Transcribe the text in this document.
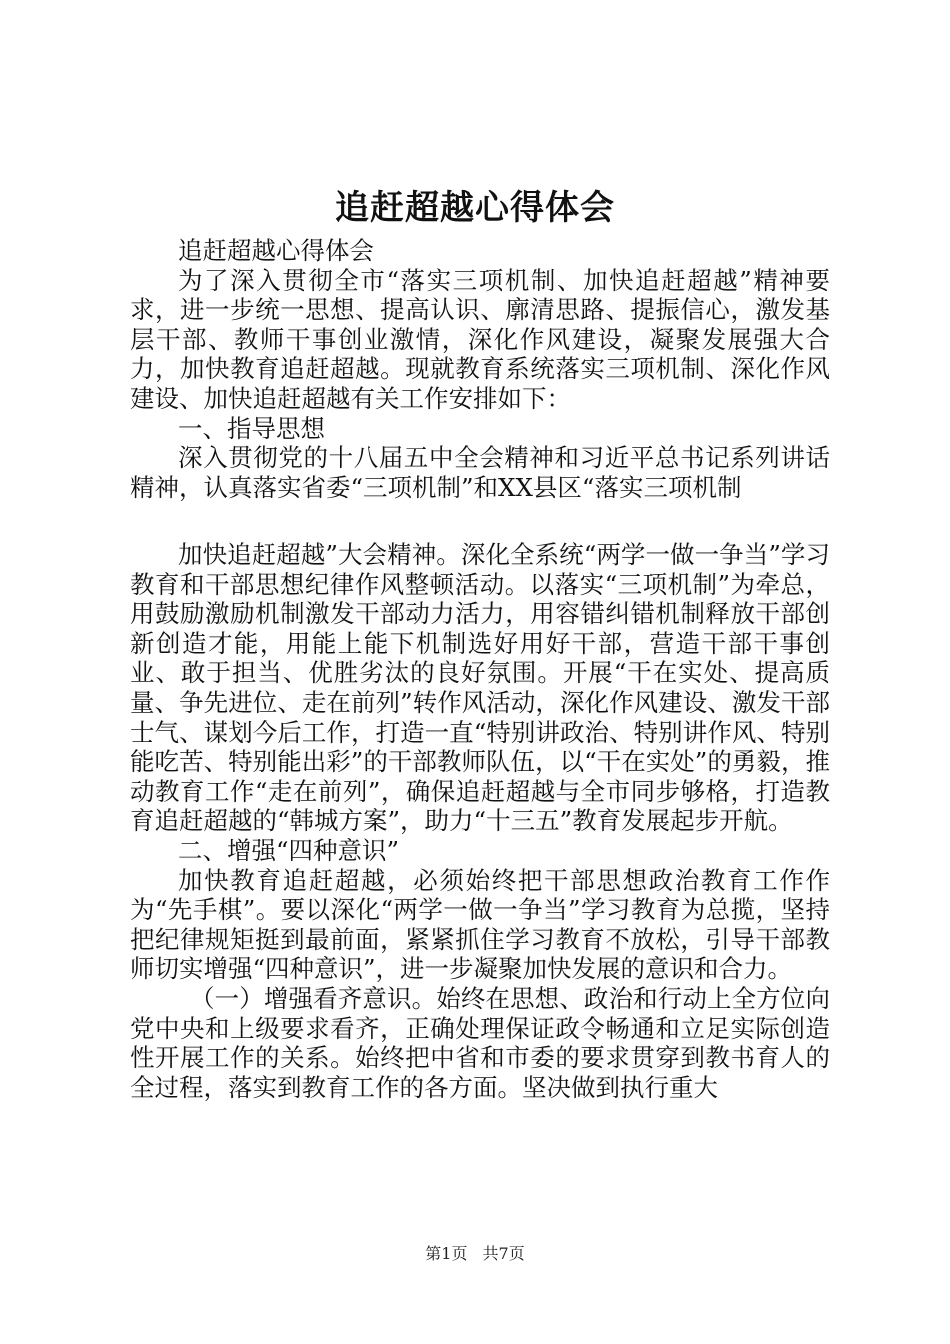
追赶超越心得体会

追赶超越心得体会

为了深入贯彻全市“落实三项机制、加快追赶超越”精神要求，进一步统一思想、提高认识、廓清思路、提振信心，激发基层干部、教师干事创业激情，深化作风建设，凝聚发展强大合力，加快教育追赶超越。现就教育系统落实三项机制、深化作风建设、加快追赶超越有关工作安排如下：

一、指导思想

深入贯彻党的十八届五中全会精神和习近平总书记系列讲话精神，认真落实省委“三项机制”和XX县区“落实三项机制

加快追赶超越”大会精神。深化全系统“两学一做一争当”学习教育和干部思想纪律作风整顿活动。以落实“三项机制”为牵总，用鼓励激励机制激发干部动力活力，用容错纠错机制释放干部创新创造才能，用能上能下机制选好用好干部，营造干部干事创业、敢于担当、优胜劣汰的良好氛围。开展“干在实处、提高质量、争先进位、走在前列”转作风活动，深化作风建设、激发干部士气、谋划今后工作，打造一直“特别讲政治、特别讲作风、特别能吃苦、特别能出彩”的干部教师队伍，以“干在实处”的勇毅，推动教育工作“走在前列”，确保追赶超越与全市同步够格，打造教育追赶超越的“韩城方案”，助力“十三五”教育发展起步开航。

二、增强“四种意识”

加快教育追赶超越，必须始终把干部思想政治教育工作作为“先手棋”。要以深化“两学一做一争当”学习教育为总揽，坚持把纪律规矩挺到最前面，紧紧抓住学习教育不放松，引导干部教师切实增强“四种意识”，进一步凝聚加快发展的意识和合力。

（一）增强看齐意识。始终在思想、政治和行动上全方位向党中央和上级要求看齐，正确处理保证政令畅通和立足实际创造性开展工作的关系。始终把中省和市委的要求贯穿到教书育人的全过程，落实到教育工作的各方面。坚决做到执行重大

第1页 共7页
